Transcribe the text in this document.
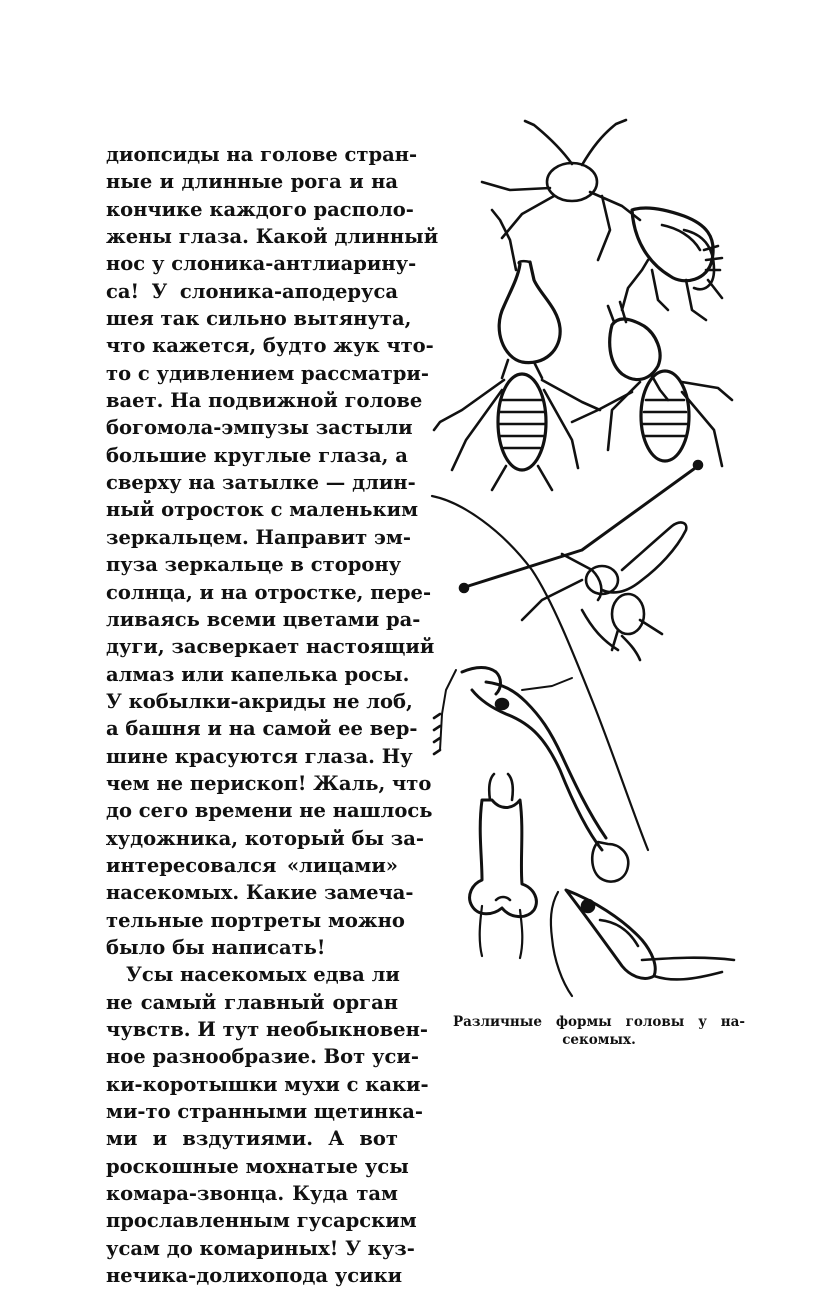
диопсиды на голове стран-
ные и длинные рога и на
кончике каждого располо-
жены глаза. Какой длинный
нос у слоника-антлиарину-
са! У слоника-аподеруса
шея так сильно вытянута,
что кажется, будто жук что-
то с удивлением рассматри-
вает. На подвижной голове
богомола-эмпузы застыли
большие круглые глаза, а
сверху на затылке — длин-
ный отросток с маленьким
зеркальцем. Направит эм-
пуза зеркальце в сторону
солнца, и на отростке, пере-
ливаясь всеми цветами ра-
дуги, засверкает настоящий
алмаз или капелька росы.
У кобылки-акриды не лоб,
а башня и на самой ее вер-
шине красуются глаза. Ну
чем не перископ! Жаль, что
до сего времени не нашлось
художника, который бы за-
интересовался «лицами»
насекомых. Какие замеча-
тельные портреты можно
было бы написать!
Усы насекомых едва ли
не самый главный орган
чувств. И тут необыкновен-
ное разнообразие. Вот уси-
ки-коротышки мухи с каки-
ми-то странными щетинка-
ми и вздутиями. А вот
роскошные мохнатые усы
комара-звонца. Куда там
прославленным гусарским
усам до комариных! У куз-
нечика-долихопода усики
Различные формы головы у на-
секомых.
